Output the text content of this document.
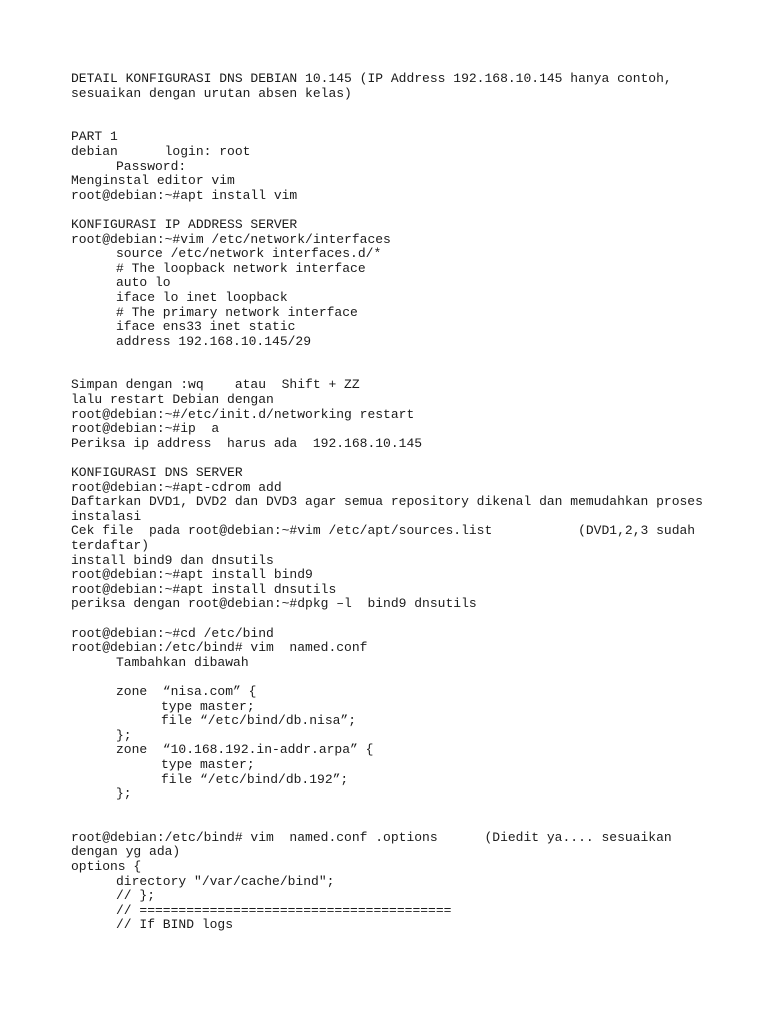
DETAIL KONFIGURASI DNS DEBIAN 10.145 (IP Address 192.168.10.145 hanya contoh,
sesuaikan dengan urutan absen kelas)
PART 1
debian      login: root
Password:
Menginstal editor vim
root@debian:~#apt install vim
KONFIGURASI IP ADDRESS SERVER
root@debian:~#vim /etc/network/interfaces
source /etc/network interfaces.d/*
# The loopback network interface
auto lo
iface lo inet loopback
# The primary network interface
iface ens33 inet static
address 192.168.10.145/29
Simpan dengan :wq    atau  Shift + ZZ
lalu restart Debian dengan
root@debian:~#/etc/init.d/networking restart
root@debian:~#ip  a
Periksa ip address  harus ada  192.168.10.145
KONFIGURASI DNS SERVER
root@debian:~#apt-cdrom add
Daftarkan DVD1, DVD2 dan DVD3 agar semua repository dikenal dan memudahkan proses
instalasi
Cek file  pada root@debian:~#vim /etc/apt/sources.list           (DVD1,2,3 sudah
terdaftar)
install bind9 dan dnsutils
root@debian:~#apt install bind9
root@debian:~#apt install dnsutils
periksa dengan root@debian:~#dpkg –l  bind9 dnsutils
root@debian:~#cd /etc/bind
root@debian:/etc/bind# vim  named.conf
Tambahkan dibawah
zone  “nisa.com” {
type master;
file “/etc/bind/db.nisa”;
};
zone  “10.168.192.in-addr.arpa” {
type master;
file “/etc/bind/db.192”;
};
root@debian:/etc/bind# vim  named.conf .options      (Diedit ya.... sesuaikan
dengan yg ada)
options {
directory "/var/cache/bind";
// };
// ========================================
// If BIND logs
